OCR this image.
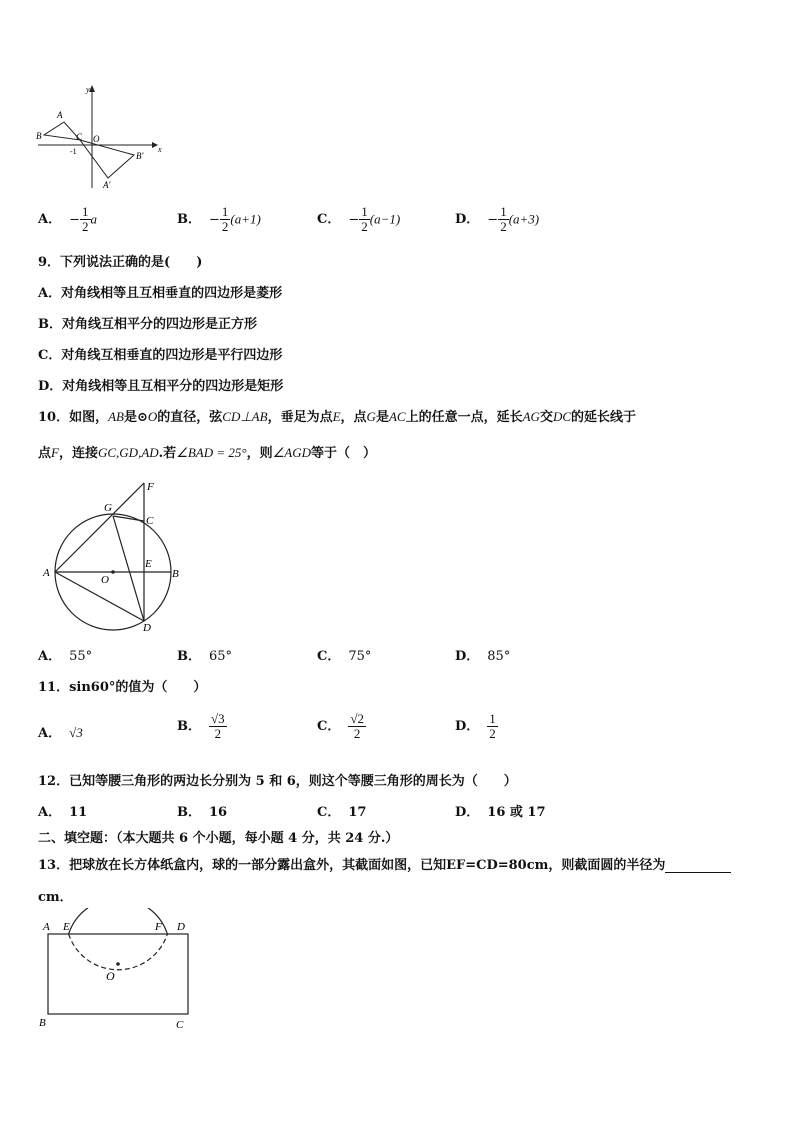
y
x
A
B	C O
-1	B′
A′
A． − $\frac{1}{2}$ a	B． − $\frac{1}{2} (a+1)$	C． − $\frac{1}{2} (a-1)$	D． − $\frac{1}{2} (a+3)$
9．下列说法正确的是(　　)
A．对角线相等且互相垂直的四边形是菱形
B．对角线互相平分的四边形是正方形
C．对角线互相垂直的四边形是平行四边形
D．对角线相等且互相平分的四边形是矩形
10．如图，AB是⊙O的直径，弦CD⊥AB，垂足为点E，点G是AC上的任意一点，延长AG交DC的延长线于
点F，连接GC,GD,AD.若∠BAD = 25°，则∠AGD等于（　）
A	B
C
D
E
F
G
O
A． 55°	B． 65°	C． 75°	D． 85°
11．sin60°的值为（　　）
A． √3	B． $\frac{√3}{2}$	C． $\frac{√2}{2}$	D． $\frac{1}{2}$
12．已知等腰三角形的两边长分别为 5 和 6，则这个等腰三角形的周长为（　　）
A． 11	B． 16	C． 17	D． 16 或 17
二、填空题：（本大题共 6 个小题，每小题 4 分，共 24 分.）
13．把球放在长方体纸盒内，球的一部分露出盒外，其截面如图，已知EF=CD=80cm，则截面圆的半径为
cm．
A E	F D
O
B	C
